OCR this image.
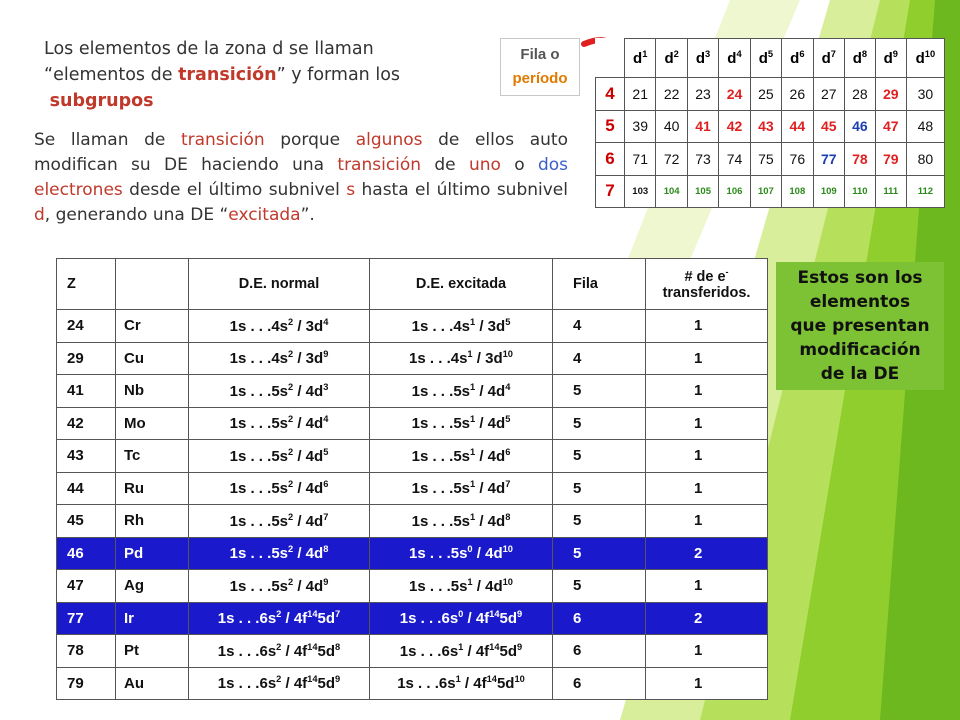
Los elementos de la zona d se llaman
“elementos de transición” y forman los
subgrupos
Se llaman de transición porque algunos de ellos auto modifican su DE haciendo una transición de uno o dos electrones desde el último subnivel s hasta el último subnivel d, generando una DE “excitada”.
Fila o
período
	$d^1$	$d^2$	$d^3$	$d^4$	$d^5$	$d^6$	$d^7$	$d^8$	$d^9$	$d^{10}$
4	21	22	23	24	25	26	27	28	29	30
5	39	40	41	42	43	44	45	46	47	48
6	71	72	73	74	75	76	77	78	79	80
7	103	104	105	106	107	108	109	110	111	112
Z		D.E. normal	D.E. excitada	Fila	# de e-
transferidos.
24	Cr	1s . . $.4s^2 / 3d^4$	1s . . $.4s^1 / 3d^5$	4	1
29	Cu	1s . . $.4s^2 / 3d^9$	1s . . $.4s^1 / 3d^{10}$	4	1
41	Nb	1s . . $.5s^2 / 4d^3$	1s . . $.5s^1 / 4d^4$	5	1
42	Mo	1s . . $.5s^2 / 4d^4$	1s . . $.5s^1 / 4d^5$	5	1
43	Tc	1s . . $.5s^2 / 4d^5$	1s . . $.5s^1 / 4d^6$	5	1
44	Ru	1s . . $.5s^2 / 4d^6$	1s . . $.5s^1 / 4d^7$	5	1
45	Rh	1s . . $.5s^2 / 4d^7$	1s . . $.5s^1 / 4d^8$	5	1
46	Pd	1s . . $.5s^2 / 4d^8$	1s . . $.5s^0 / 4d^{10}$	5	2
47	Ag	1s . . $.5s^2 / 4d^9$	1s . . $.5s^1 / 4d^{10}$	5	1
77	Ir	1s . . $.6s^2 / 4f^{14}5d^7$	1s . . $.6s^0 / 4f^{14}5d^9$	6	2
78	Pt	1s . . $.6s^2 / 4f^{14}5d^8$	1s . . $.6s^1 / 4f^{14}5d^9$	6	1
79	Au	1s . . $.6s^2 / 4f^{14}5d^9$	1s . . $.6s^1 / 4f^{14}5d^{10}$	6	1
Estos son los
elementos
que presentan
modificación
de la DE
